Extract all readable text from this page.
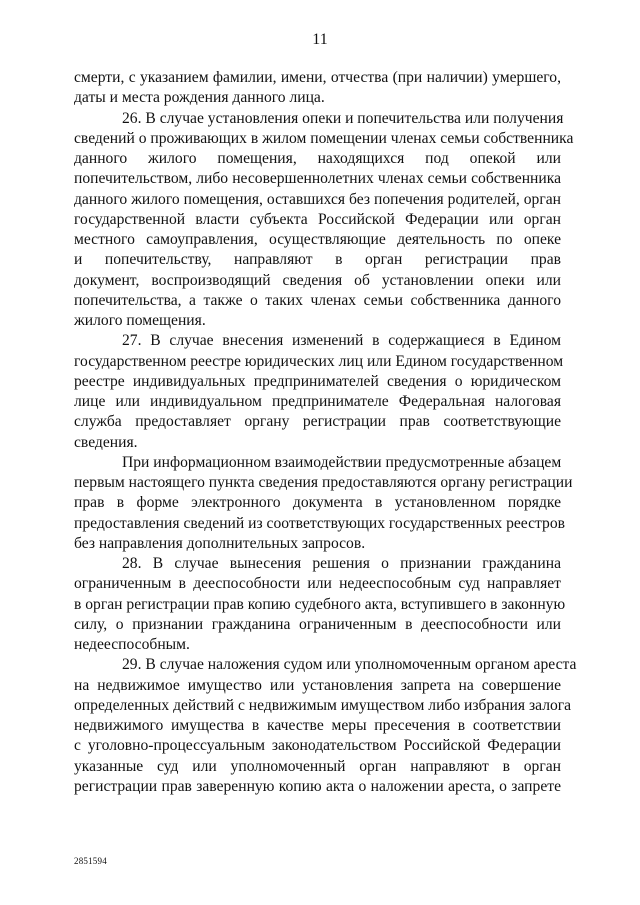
11
смерти, с указанием фамилии, имени, отчества (при наличии) умершего,
даты и места рождения данного лица.
26. В случае установления опеки и попечительства или получения
сведений о проживающих в жилом помещении членах семьи собственника
данного жилого помещения, находящихся под опекой или
попечительством, либо несовершеннолетних членах семьи собственника
данного жилого помещения, оставшихся без попечения родителей, орган
государственной власти субъекта Российской Федерации или орган
местного самоуправления, осуществляющие деятельность по опеке
и попечительству, направляют в орган регистрации прав
документ, воспроизводящий сведения об установлении опеки или
попечительства, а также о таких членах семьи собственника данного
жилого помещения.
27. В случае внесения изменений в содержащиеся в Едином
государственном реестре юридических лиц или Едином государственном
реестре индивидуальных предпринимателей сведения о юридическом
лице или индивидуальном предпринимателе Федеральная налоговая
служба предоставляет органу регистрации прав соответствующие
сведения.
При информационном взаимодействии предусмотренные абзацем
первым настоящего пункта сведения предоставляются органу регистрации
прав в форме электронного документа в установленном порядке
предоставления сведений из соответствующих государственных реестров
без направления дополнительных запросов.
28. В случае вынесения решения о признании гражданина
ограниченным в дееспособности или недееспособным суд направляет
в орган регистрации прав копию судебного акта, вступившего в законную
силу, о признании гражданина ограниченным в дееспособности или
недееспособным.
29. В случае наложения судом или уполномоченным органом ареста
на недвижимое имущество или установления запрета на совершение
определенных действий с недвижимым имуществом либо избрания залога
недвижимого имущества в качестве меры пресечения в соответствии
с уголовно-процессуальным законодательством Российской Федерации
указанные суд или уполномоченный орган направляют в орган
регистрации прав заверенную копию акта о наложении ареста, о запрете
2851594
